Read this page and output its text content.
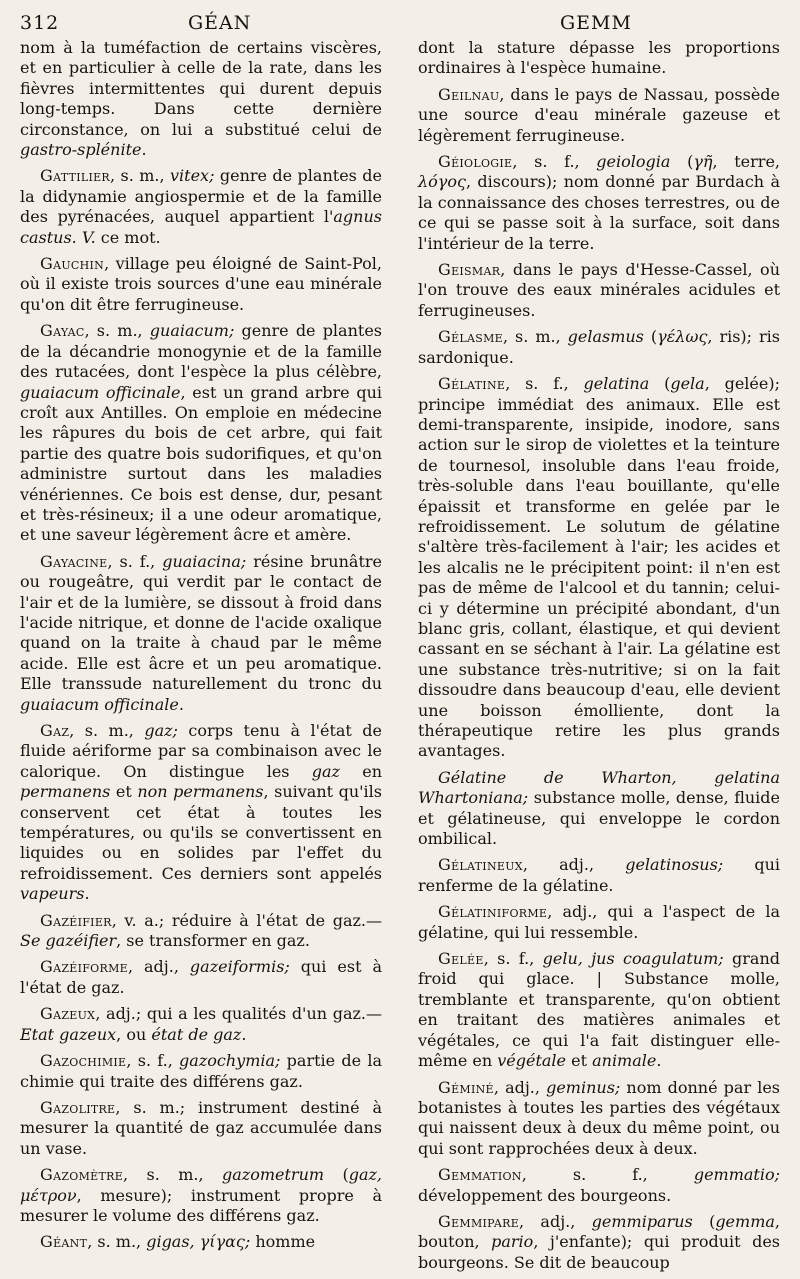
312	GÉAN	GEMM

nom à la tuméfaction de certains viscères, et en particulier à celle de la rate, dans les fièvres intermittentes qui durent depuis long-temps. Dans cette dernière circonstance, on lui a substitué celui de gastro-splénite.

Gattilier, s. m., vitex; genre de plantes de la didynamie angiospermie et de la famille des pyrénacées, auquel appartient l'agnus castus. V. ce mot.

Gauchin, village peu éloigné de Saint-Pol, où il existe trois sources d'une eau minérale qu'on dit être ferrugineuse.

Gayac, s. m., guaiacum; genre de plantes de la décandrie monogynie et de la famille des rutacées, dont l'espèce la plus célèbre, guaiacum officinale, est un grand arbre qui croît aux Antilles. On emploie en médecine les râpures du bois de cet arbre, qui fait partie des quatre bois sudorifiques, et qu'on administre surtout dans les maladies vénériennes. Ce bois est dense, dur, pesant et très-résineux; il a une odeur aromatique, et une saveur légèrement âcre et amère.

Gayacine, s. f., guaiacina; résine brunâtre ou rougeâtre, qui verdit par le contact de l'air et de la lumière, se dissout à froid dans l'acide nitrique, et donne de l'acide oxalique quand on la traite à chaud par le même acide. Elle est âcre et un peu aromatique. Elle transsude naturellement du tronc du guaiacum officinale.

Gaz, s. m., gaz; corps tenu à l'état de fluide aériforme par sa combinaison avec le calorique. On distingue les gaz en permanens et non permanens, suivant qu'ils conservent cet état à toutes les températures, ou qu'ils se convertissent en liquides ou en solides par l'effet du refroidissement. Ces derniers sont appelés vapeurs.

Gazéifier, v. a.; réduire à l'état de gaz.—Se gazéifier, se transformer en gaz.

Gazéiforme, adj., gazeiformis; qui est à l'état de gaz.

Gazeux, adj.; qui a les qualités d'un gaz.—Etat gazeux, ou état de gaz.

Gazochimie, s. f., gazochymia; partie de la chimie qui traite des différens gaz.

Gazolitre, s. m.; instrument destiné à mesurer la quantité de gaz accumulée dans un vase.

Gazomètre, s. m., gazometrum (gaz, μέτρον, mesure); instrument propre à mesurer le volume des différens gaz.

Géant, s. m., gigas, γίγας; homme

dont la stature dépasse les proportions ordinaires à l'espèce humaine.

Geilnau, dans le pays de Nassau, possède une source d'eau minérale gazeuse et légèrement ferrugineuse.

Géiologie, s. f., geiologia (γῆ, terre, λόγος, discours); nom donné par Burdach à la connaissance des choses terrestres, ou de ce qui se passe soit à la surface, soit dans l'intérieur de la terre.

Geismar, dans le pays d'Hesse-Cassel, où l'on trouve des eaux minérales acidules et ferrugineuses.

Gélasme, s. m., gelasmus (γέλως, ris); ris sardonique.

Gélatine, s. f., gelatina (gela, gelée); principe immédiat des animaux. Elle est demi-transparente, insipide, inodore, sans action sur le sirop de violettes et la teinture de tournesol, insoluble dans l'eau froide, très-soluble dans l'eau bouillante, qu'elle épaissit et transforme en gelée par le refroidissement. Le solutum de gélatine s'altère très-facilement à l'air; les acides et les alcalis ne le précipitent point: il n'en est pas de même de l'alcool et du tannin; celui-ci y détermine un précipité abondant, d'un blanc gris, collant, élastique, et qui devient cassant en se séchant à l'air. La gélatine est une substance très-nutritive; si on la fait dissoudre dans beaucoup d'eau, elle devient une boisson émolliente, dont la thérapeutique retire les plus grands avantages.

Gélatine de Wharton, gelatina Whartoniana; substance molle, dense, fluide et gélatineuse, qui enveloppe le cordon ombilical.

Gélatineux, adj., gelatinosus; qui renferme de la gélatine.

Gélatiniforme, adj., qui a l'aspect de la gélatine, qui lui ressemble.

Gelée, s. f., gelu, jus coagulatum; grand froid qui glace. | Substance molle, tremblante et transparente, qu'on obtient en traitant des matières animales et végétales, ce qui l'a fait distinguer elle-même en végétale et animale.

Géminé, adj., geminus; nom donné par les botanistes à toutes les parties des végétaux qui naissent deux à deux du même point, ou qui sont rapprochées deux à deux.

Gemmation, s. f., gemmatio; développement des bourgeons.

Gemmipare, adj., gemmiparus (gemma, bouton, pario, j'enfante); qui produit des bourgeons. Se dit de beaucoup
